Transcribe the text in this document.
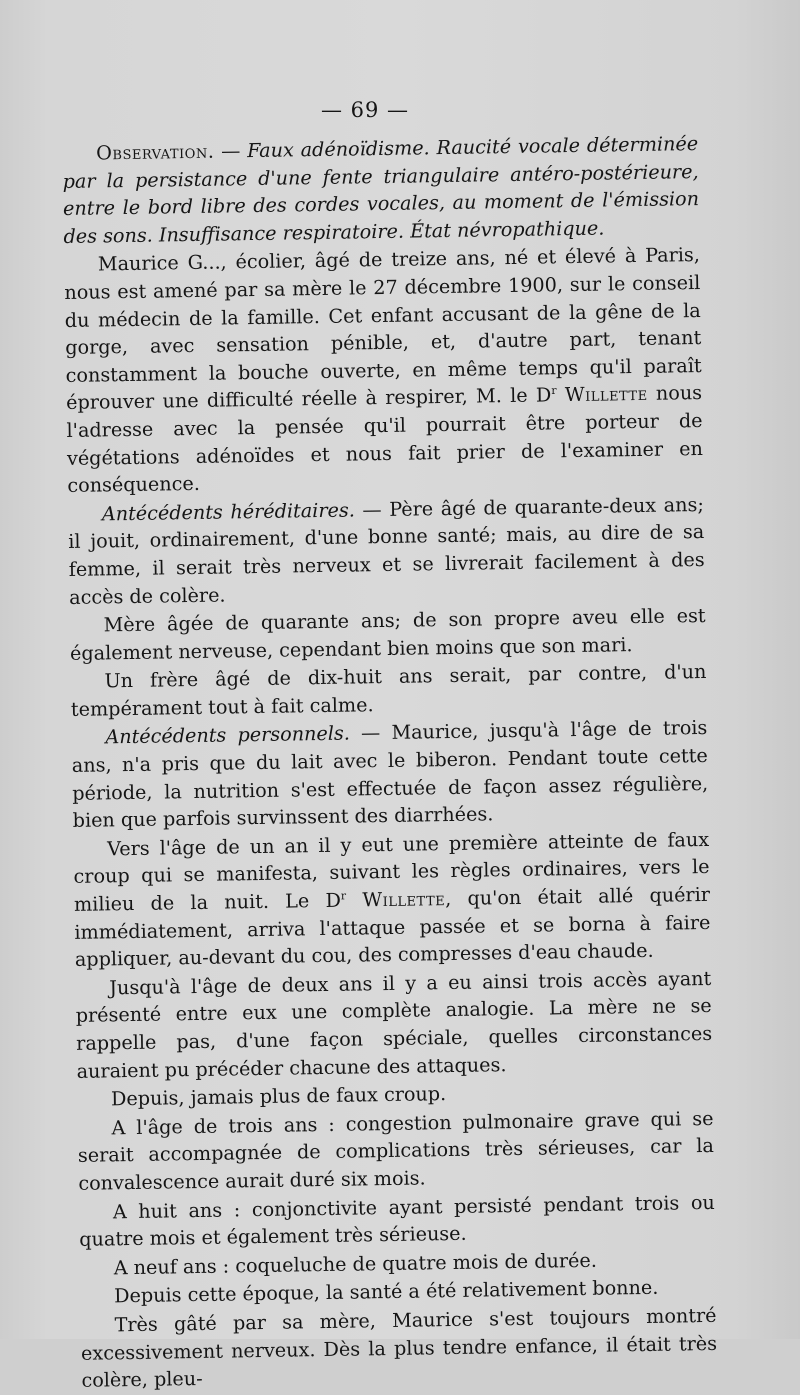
— 69 —

Observation. — Faux adénoïdisme. Raucité vocale déterminée par la persistance d'une fente triangulaire antéro-postérieure, entre le bord libre des cordes vocales, au moment de l'émission des sons. Insuffisance respiratoire. État névropathique.

Maurice G..., écolier, âgé de treize ans, né et élevé à Paris, nous est amené par sa mère le 27 décembre 1900, sur le conseil du médecin de la famille. Cet enfant accusant de la gêne de la gorge, avec sensation pénible, et, d'autre part, tenant constamment la bouche ouverte, en même temps qu'il paraît éprouver une difficulté réelle à respirer, M. le $D^r$ Willette nous l'adresse avec la pensée qu'il pourrait être porteur de végétations adénoïdes et nous fait prier de l'examiner en conséquence.

Antécédents héréditaires. — Père âgé de quarante-deux ans; il jouit, ordinairement, d'une bonne santé; mais, au dire de sa femme, il serait très nerveux et se livrerait facilement à des accès de colère.

Mère âgée de quarante ans; de son propre aveu elle est également nerveuse, cependant bien moins que son mari.

Un frère âgé de dix-huit ans serait, par contre, d'un tempérament tout à fait calme.

Antécédents personnels. — Maurice, jusqu'à l'âge de trois ans, n'a pris que du lait avec le biberon. Pendant toute cette période, la nutrition s'est effectuée de façon assez régulière, bien que parfois survinssent des diarrhées.

Vers l'âge de un an il y eut une première atteinte de faux croup qui se manifesta, suivant les règles ordinaires, vers le milieu de la nuit. Le $D^r$ Willette, qu'on était allé quérir immédiatement, arriva l'attaque passée et se borna à faire appliquer, au-devant du cou, des compresses d'eau chaude.

Jusqu'à l'âge de deux ans il y a eu ainsi trois accès ayant présenté entre eux une complète analogie. La mère ne se rappelle pas, d'une façon spéciale, quelles circonstances auraient pu précéder chacune des attaques.

Depuis, jamais plus de faux croup.

A l'âge de trois ans : congestion pulmonaire grave qui se serait accompagnée de complications très sérieuses, car la convalescence aurait duré six mois.

A huit ans : conjonctivite ayant persisté pendant trois ou quatre mois et également très sérieuse.

A neuf ans : coqueluche de quatre mois de durée.

Depuis cette époque, la santé a été relativement bonne.

Très gâté par sa mère, Maurice s'est toujours montré excessivement nerveux. Dès la plus tendre enfance, il était très colère, pleu-
